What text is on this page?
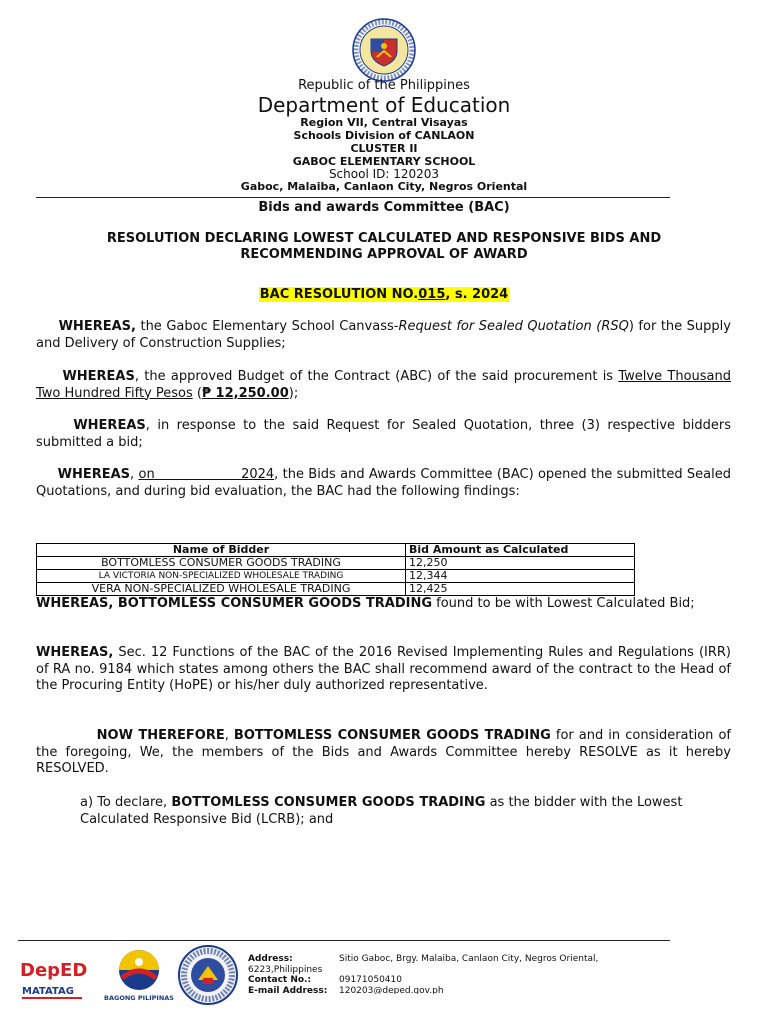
Republic of the Philippines
Department of Education
Region VII, Central Visayas
Schools Division of CANLAON
CLUSTER II
GABOC ELEMENTARY SCHOOL
School ID: 120203
Gaboc, Malaiba, Canlaon City, Negros Oriental
Bids and awards Committee (BAC)
RESOLUTION DECLARING LOWEST CALCULATED AND RESPONSIVE BIDS AND
RECOMMENDING APPROVAL OF AWARD
BAC RESOLUTION NO.015, s. 2024
WHEREAS, the Gaboc Elementary School Canvass-Request for Sealed Quotation (RSQ) for the Supply and Delivery of Construction Supplies;
WHEREAS, the approved Budget of the Contract (ABC) of the said procurement is Twelve Thousand Two Hundred Fifty Pesos (₱ 12,250.00);
WHEREAS, in response to the said Request for Sealed Quotation, three (3) respective bidders submitted a bid;
WHEREAS, on	2024, the Bids and Awards Committee (BAC) opened the submitted Sealed Quotations, and during bid evaluation, the BAC had the following findings:
Name of Bidder	Bid Amount as Calculated
BOTTOMLESS CONSUMER GOODS TRADING	12,250
LA VICTORIA NON-SPECIALIZED WHOLESALE TRADING	12,344
VERA NON-SPECIALIZED WHOLESALE TRADING	12,425
WHEREAS, BOTTOMLESS CONSUMER GOODS TRADING found to be with Lowest Calculated Bid;
WHEREAS, Sec. 12 Functions of the BAC of the 2016 Revised Implementing Rules and Regulations (IRR) of RA no. 9184 which states among others the BAC shall recommend award of the contract to the Head of the Procuring Entity (HoPE) or his/her duly authorized representative.
NOW THEREFORE, BOTTOMLESS CONSUMER GOODS TRADING for and in consideration of the foregoing, We, the members of the Bids and Awards Committee hereby RESOLVE as it hereby RESOLVED.
a) To declare, BOTTOMLESS CONSUMER GOODS TRADING as the bidder with the Lowest Calculated Responsive Bid (LCRB); and
DepED
MATATAG
BAGONG PILIPINAS
Address:	Sitio Gaboc, Brgy. Malaiba, Canlaon City, Negros Oriental,
6223,Philippines
Contact No.:	09171050410
E-mail Address: 120203@deped.gov.ph
